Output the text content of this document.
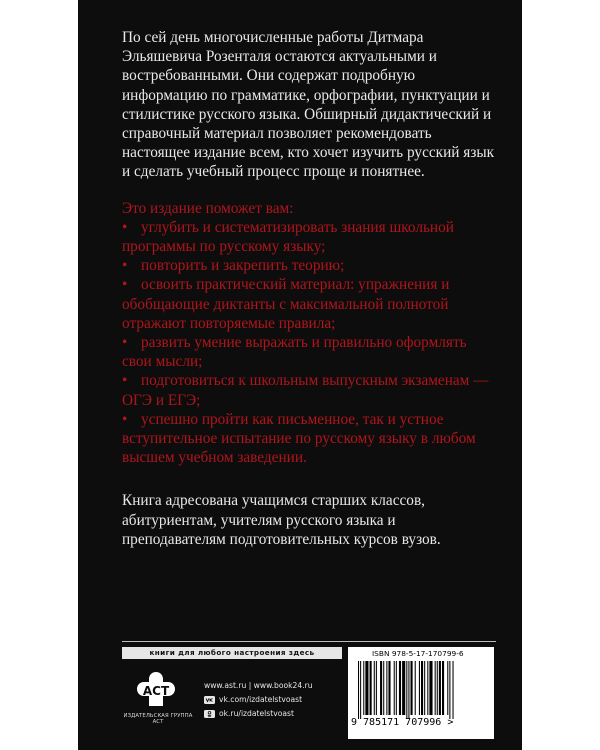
По сей день многочисленные работы Дитмара Эльяшевича Розенталя остаются актуальными и востребованными. Они содержат подробную информацию по грамматике, орфографии, пунктуации и стилистике русского языка. Обширный дидактический и справочный материал позволяет рекомендовать настоящее издание всем, кто хочет изучить русский язык и сделать учебный процесс проще и понятнее.

Это издание поможет вам:

• углубить и систематизировать знания школьной программы по русскому языку;

• повторить и закрепить теорию;

• освоить практический материал: упражнения и обобщающие диктанты с максимальной полнотой отражают повторяемые правила;

• развить умение выражать и правильно оформлять свои мысли;

• подготовиться к школьным выпускным экзаменам — ОГЭ и ЕГЭ;

• успешно пройти как письменное, так и устное вступительное испытание по русскому языку в любом высшем учебном заведении.

Книга адресована учащимся старших классов, абитуриентам, учителям русского языка и преподавателям подготовительных курсов вузов.

книги для любого настроения здесь
АСТ
ИЗДАТЕЛЬСКАЯ ГРУППА АСТ
www.ast.ru | www.book24.ru
vk.com/izdatelstvoast
ok.ru/izdatelstvoast
ISBN 978-5-17-170799-6
9 785171 707996 >
